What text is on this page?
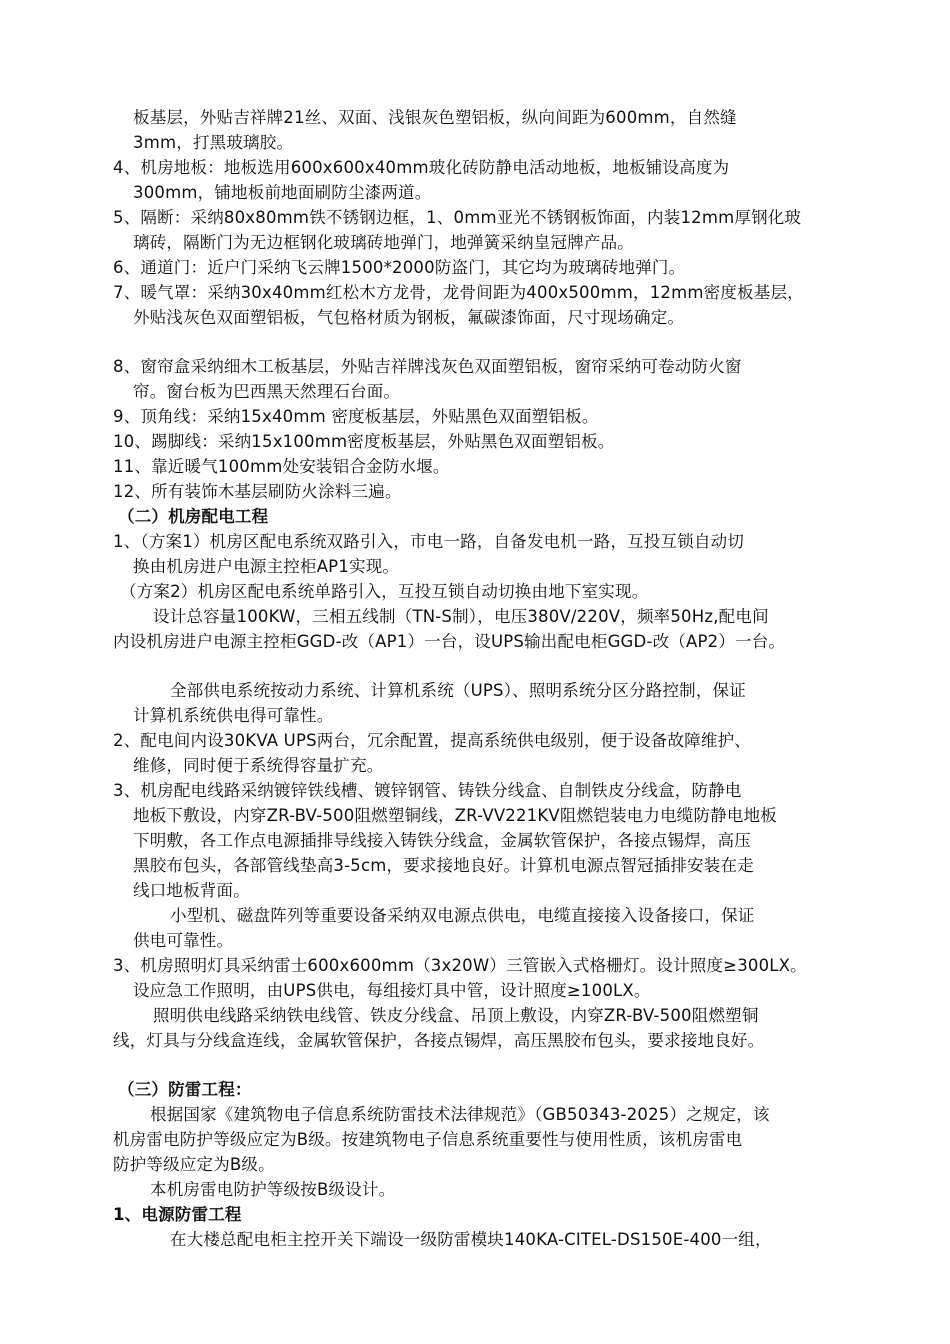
板基层，外贴吉祥牌21丝、双面、浅银灰色塑铝板，纵向间距为600mm，自然缝
3mm，打黑玻璃胶。
4、机房地板：地板选用600x600x40mm玻化砖防静电活动地板，地板铺设高度为
300mm，铺地板前地面刷防尘漆两道。
5、隔断：采纳80x80mm铁不锈钢边框，1、0mm亚光不锈钢板饰面，内装12mm厚钢化玻
璃砖，隔断门为无边框钢化玻璃砖地弹门，地弹簧采纳皇冠牌产品。
6、通道门：近户门采纳飞云牌1500*2000防盗门，其它均为玻璃砖地弹门。
7、暖气罩：采纳30x40mm红松木方龙骨，龙骨间距为400x500mm，12mm密度板基层，
外贴浅灰色双面塑铝板，气包格材质为钢板，氟碳漆饰面，尺寸现场确定。
8、窗帘盒采纳细木工板基层，外贴吉祥牌浅灰色双面塑铝板，窗帘采纳可卷动防火窗
帘。窗台板为巴西黑天然理石台面。
9、顶角线：采纳15x40mm 密度板基层，外贴黑色双面塑铝板。
10、踢脚线：采纳15x100mm密度板基层，外贴黑色双面塑铝板。
11、靠近暖气100mm处安装铝合金防水堰。
12、所有装饰木基层刷防火涂料三遍。
（二）机房配电工程
1、（方案1）机房区配电系统双路引入，市电一路，自备发电机一路，互投互锁自动切
换由机房进户电源主控柜AP1实现。
（方案2）机房区配电系统单路引入，互投互锁自动切换由地下室实现。
设计总容量100KW，三相五线制（TN-S制），电压380V/220V，频率50Hz,配电间
内设机房进户电源主控柜GGD-改（AP1）一台，设UPS输出配电柜GGD-改（AP2）一台。
全部供电系统按动力系统、计算机系统（UPS）、照明系统分区分路控制，保证
计算机系统供电得可靠性。
2、配电间内设30KVA UPS两台，冗余配置，提高系统供电级别，便于设备故障维护、
维修，同时便于系统得容量扩充。
3、机房配电线路采纳镀锌铁线槽、镀锌钢管、铸铁分线盒、自制铁皮分线盒，防静电
地板下敷设，内穿ZR-BV-500阻燃塑铜线，ZR-VV221KV阻燃铠装电力电缆防静电地板
下明敷，各工作点电源插排导线接入铸铁分线盒，金属软管保护，各接点锡焊，高压
黑胶布包头，各部管线垫高3-5cm，要求接地良好。计算机电源点智冠插排安装在走
线口地板背面。
小型机、磁盘阵列等重要设备采纳双电源点供电，电缆直接接入设备接口，保证
供电可靠性。
3、机房照明灯具采纳雷士600x600mm（3x20W）三管嵌入式格栅灯。设计照度≥300LX。
设应急工作照明，由UPS供电，每组接灯具中管，设计照度≥100LX。
照明供电线路采纳铁电线管、铁皮分线盒、吊顶上敷设，内穿ZR-BV-500阻燃塑铜
线，灯具与分线盒连线，金属软管保护，各接点锡焊，高压黑胶布包头，要求接地良好。
（三）防雷工程：
根据国家《建筑物电子信息系统防雷技术法律规范》（GB50343-2025）之规定，该
机房雷电防护等级应定为B级。按建筑物电子信息系统重要性与使用性质，该机房雷电
防护等级应定为B级。
本机房雷电防护等级按B级设计。
1、电源防雷工程
在大楼总配电柜主控开关下端设一级防雷模块140KA-CITEL-DS150E-400一组，
